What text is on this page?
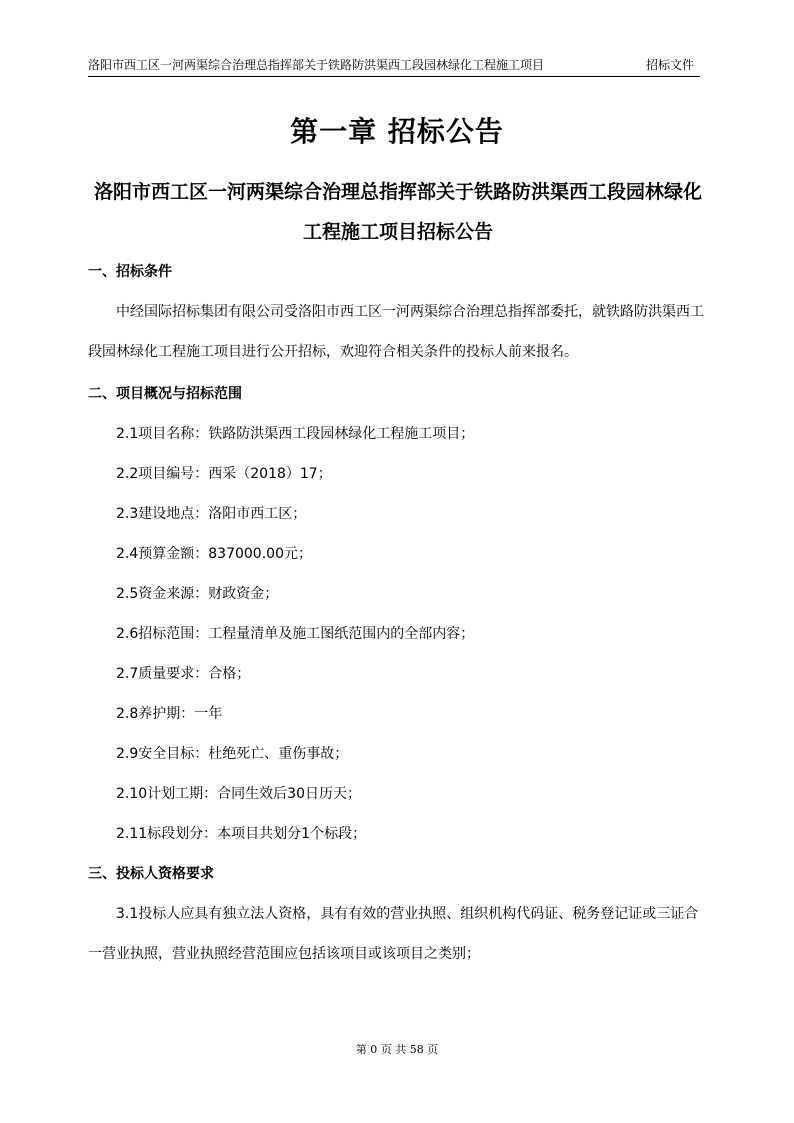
洛阳市西工区一河两渠综合治理总指挥部关于铁路防洪渠西工段园林绿化工程施工项目	招标文件
第一章 招标公告
洛阳市西工区一河两渠综合治理总指挥部关于铁路防洪渠西工段园林绿化工程施工项目招标公告
一、招标条件
中经国际招标集团有限公司受洛阳市西工区一河两渠综合治理总指挥部委托，就铁路防洪渠西工段园林绿化工程施工项目进行公开招标，欢迎符合相关条件的投标人前来报名。
二、项目概况与招标范围
2.1项目名称：铁路防洪渠西工段园林绿化工程施工项目；
2.2项目编号：西采（2018）17；
2.3建设地点：洛阳市西工区；
2.4预算金额：837000.00元；
2.5资金来源：财政资金；
2.6招标范围：工程量清单及施工图纸范围内的全部内容；
2.7质量要求：合格；
2.8养护期：一年
2.9安全目标：杜绝死亡、重伤事故；
2.10计划工期：合同生效后30日历天；
2.11标段划分：本项目共划分1个标段；
三、投标人资格要求
3.1投标人应具有独立法人资格，具有有效的营业执照、组织机构代码证、税务登记证或三证合一营业执照，营业执照经营范围应包括该项目或该项目之类别；
第 0 页 共 58 页
